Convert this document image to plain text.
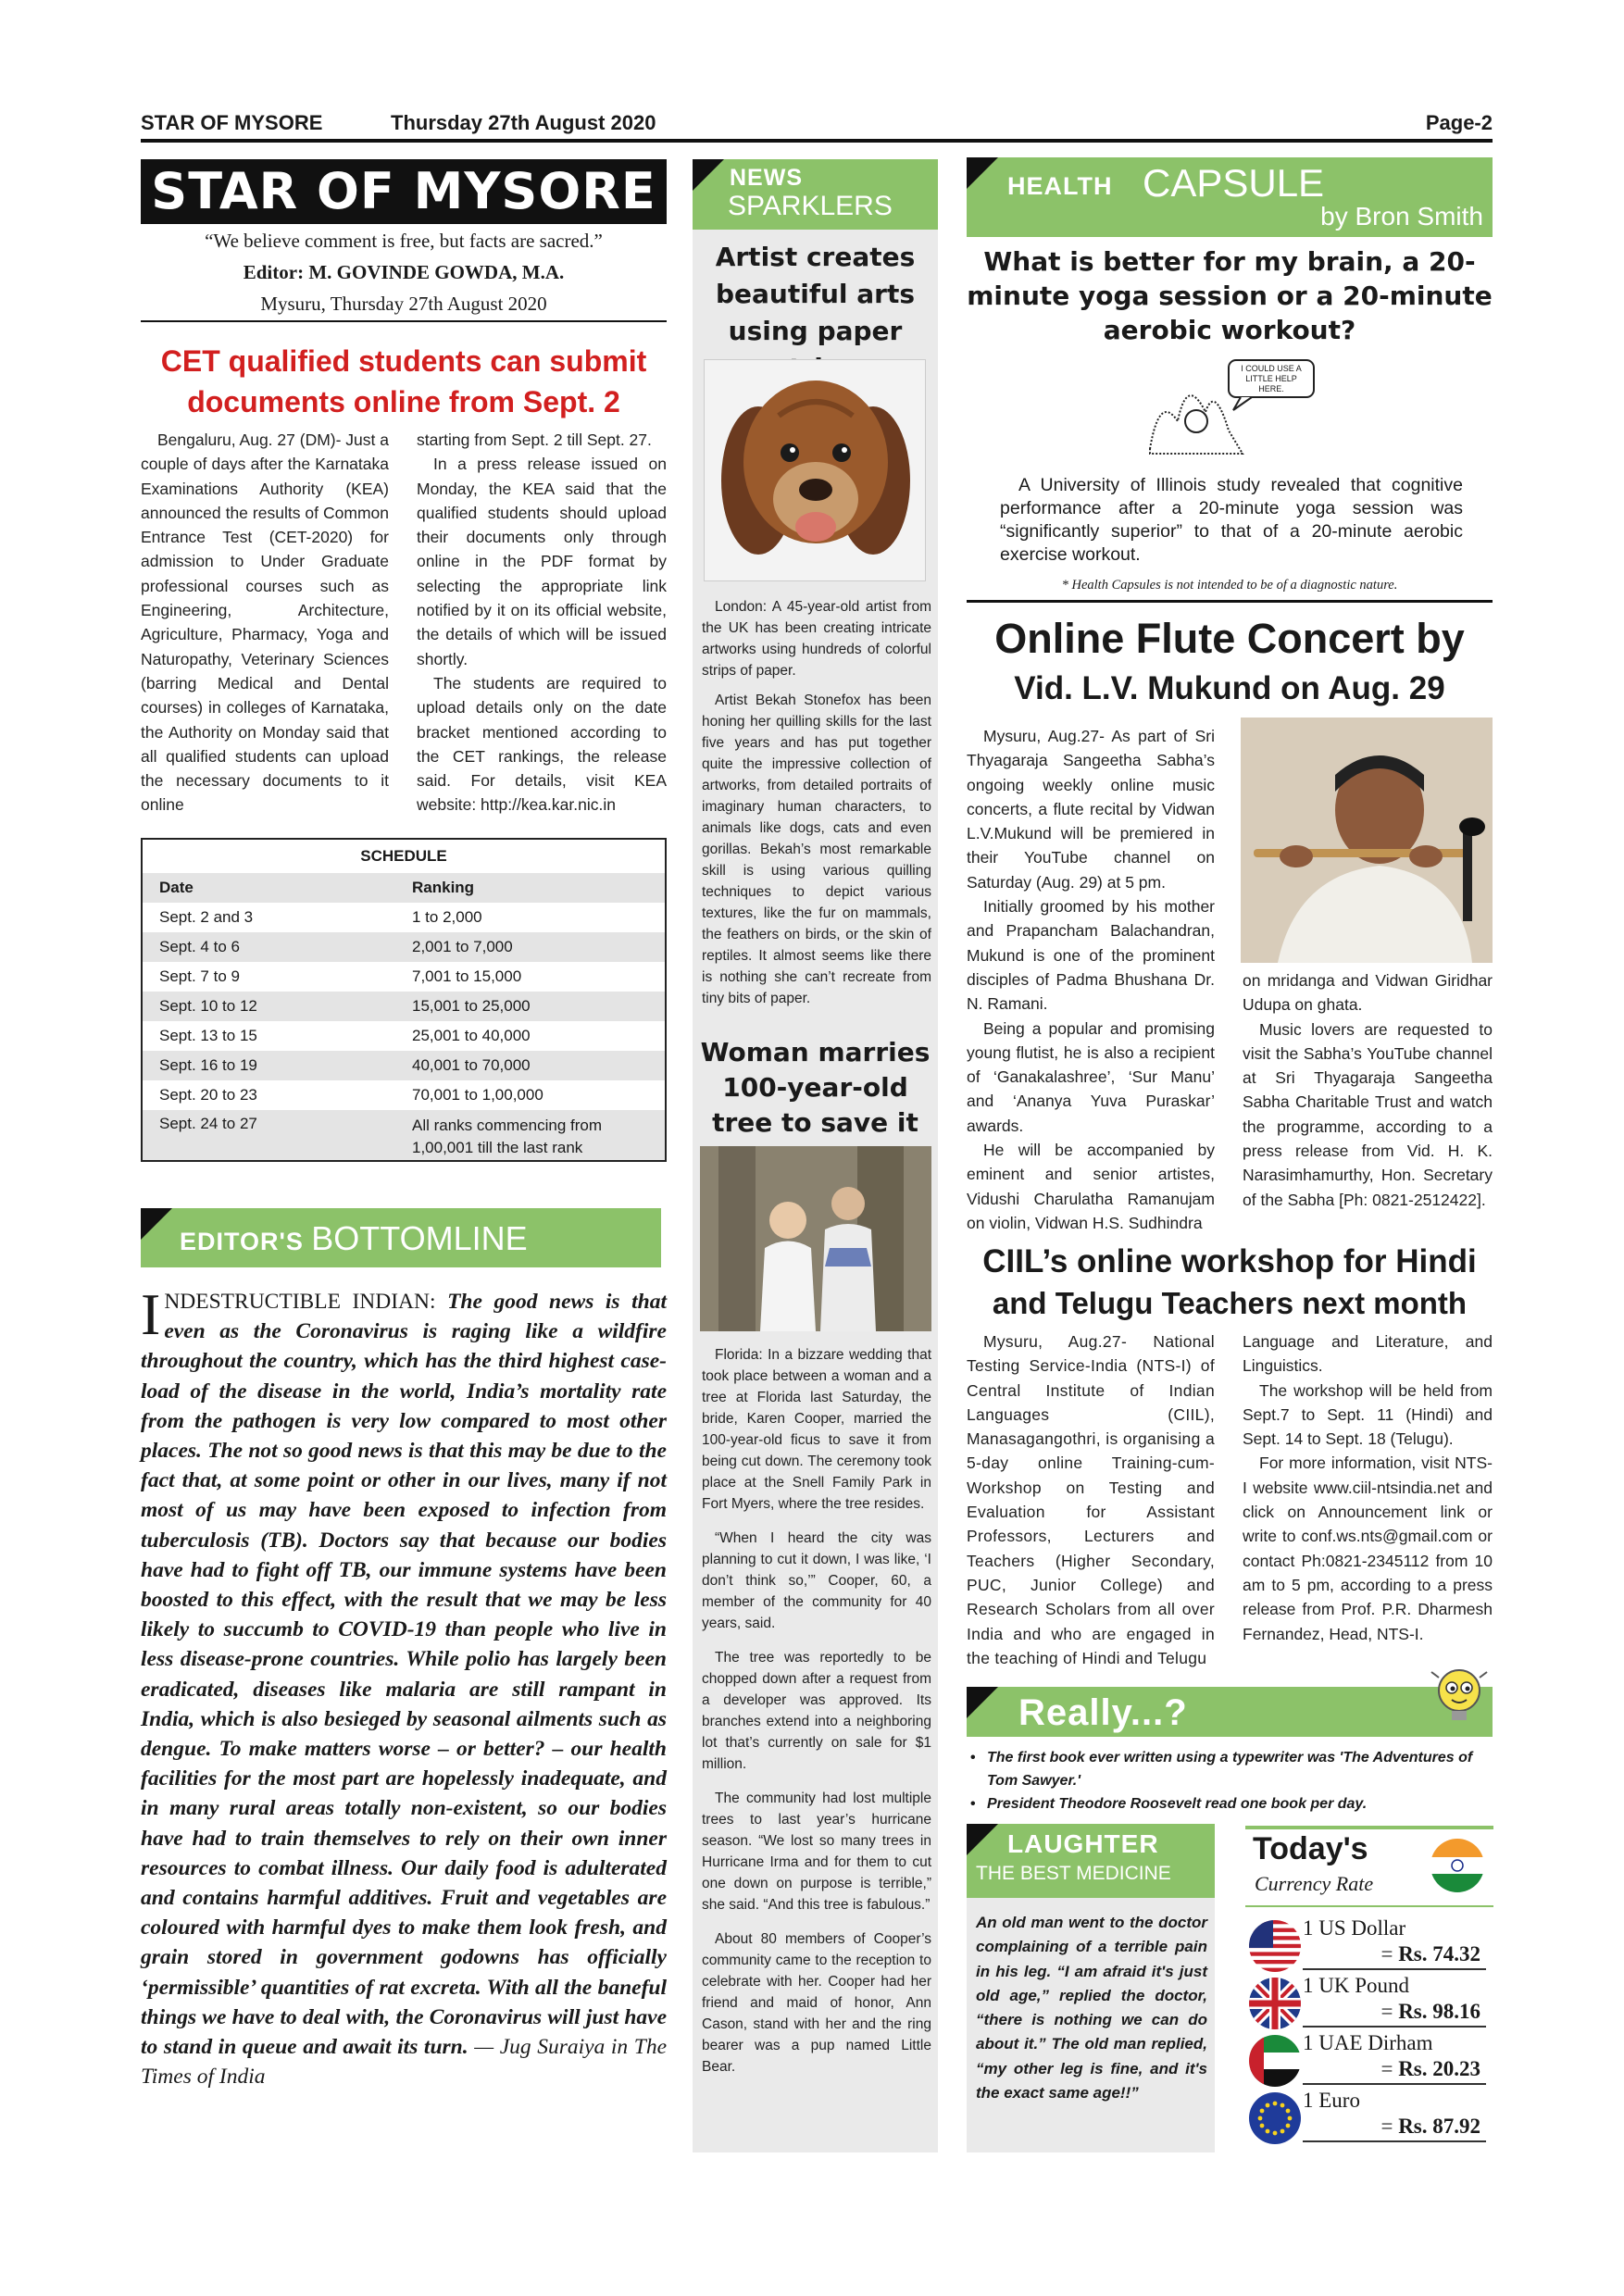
STAR OF MYSORE	Thursday 27th August 2020	Page-2
STAR OF MYSORE
“We believe comment is free, but facts are sacred.”
Editor: M. GOVINDE GOWDA, M.A.
Mysuru, Thursday 27th August 2020
CET qualified students can submit documents online from Sept. 2

Bengaluru, Aug. 27 (DM)- Just a couple of days after the Karnataka Examinations Authority (KEA) announced the results of Common Entrance Test (CET-2020) for admission to Under Graduate professional courses such as Engineering, Architecture, Agriculture, Pharmacy, Yoga and Naturopathy, Veterinary Sciences (barring Medical and Dental courses) in colleges of Karnataka, the Authority on Monday said that all qualified students can upload the necessary documents to it online

starting from Sept. 2 till Sept. 27.

In a press release issued on Monday, the KEA said that the qualified students should upload their documents only through online in the PDF format by selecting the appropriate link notified by it on its official website, the details of which will be issued shortly.

The students are required to upload details only on the date bracket mentioned according to the CET rankings, the release said. For details, visit KEA website: http://kea.kar.nic.in

SCHEDULE
Date	Ranking
Sept. 2 and 3	1 to 2,000
Sept. 4 to 6	2,001 to 7,000
Sept. 7 to 9	7,001 to 15,000
Sept. 10 to 12	15,001 to 25,000
Sept. 13 to 15	25,001 to 40,000
Sept. 16 to 19	40,001 to 70,000
Sept. 20 to 23	70,001 to 1,00,000
Sept. 24 to 27	All ranks commencing from
1,00,001 till the last rank
EDITOR'S BOTTOMLINE
INDESTRUCTIBLE INDIAN: The good news is that even as the Coronavirus is raging like a wildfire throughout the country, which has the third highest case-load of the disease in the world, India’s mortality rate from the pathogen is very low compared to most other places. The not so good news is that this may be due to the fact that, at some point or other in our lives, many if not most of us may have been exposed to infection from tuberculosis (TB). Doctors say that because our bodies have had to fight off TB, our immune systems have been boosted to this effect, with the result that we may be less likely to succumb to COVID-19 than people who live in less disease-prone countries. While polio has largely been eradicated, diseases like malaria are still rampant in India, which is also besieged by seasonal ailments such as dengue. To make matters worse – or better? – our health facilities for the most part are hopelessly inadequate, and in many rural areas totally non-existent, so our bodies have had to train themselves to rely on their own inner resources to combat illness. Our daily food is adulterated and contains harmful additives. Fruit and vegetables are coloured with harmful dyes to make them look fresh, and grain stored in government godowns has officially ‘permissible’ quantities of rat excreta. With all the baneful things we have to deal with, the Coronavirus will just have to stand in queue and await its turn. — Jug Suraiya in The Times of India
NEWS
SPARKLERS
Artist creates beautiful arts using paper

London: A 45-year-old artist from the UK has been creating intricate artworks using hundreds of colorful strips of paper.

Artist Bekah Stonefox has been honing her quilling skills for the last five years and has put together quite the impressive collection of artworks, from detailed portraits of imaginary human characters, to animals like dogs, cats and even gorillas. Bekah’s most remarkable skill is using various quilling techniques to depict various textures, like the fur on mammals, the feathers on birds, or the skin of reptiles. It almost seems like there is nothing she can’t recreate from tiny bits of paper.

Woman marries 100-year-old tree to save it

Florida: In a bizzare wedding that took place between a woman and a tree at Florida last Saturday, the bride, Karen Cooper, married the 100-year-old ficus to save it from being cut down. The ceremony took place at the Snell Family Park in Fort Myers, where the tree resides.

“When I heard the city was planning to cut it down, I was like, ‘I don’t think so,’” Cooper, 60, a member of the community for 40 years, said.

The tree was reportedly to be chopped down after a request from a developer was approved. Its branches extend into a neighboring lot that’s currently on sale for $1 million.

The community had lost multiple trees to last year’s hurricane season. “We lost so many trees in Hurricane Irma and for them to cut one down on purpose is terrible,” she said. “And this tree is fabulous.”

About 80 members of Cooper’s community came to the reception to celebrate with her. Cooper had her friend and maid of honor, Ann Cason, stand with her and the ring bearer was a pup named Little Bear.

HEALTH CAPSULE
by Bron Smith
What is better for my brain, a 20-minute yoga session or a 20-minute aerobic workout?
I COULD USE A LITTLE HELP HERE.
A University of Illinois study revealed that cognitive performance after a 20-minute yoga session was “significantly superior” to that of a 20-minute aerobic exercise workout.
* Health Capsules is not intended to be of a diagnostic nature.
Online Flute Concert by
Vid. L.V. Mukund on Aug. 29

Mysuru, Aug.27- As part of Sri Thyagaraja Sangeetha Sabha’s ongoing weekly online music concerts, a flute recital by Vidwan L.V.Mukund will be premiered in their YouTube channel on Saturday (Aug. 29) at 5 pm.

Initially groomed by his mother and Prapancham Balachandran, Mukund is one of the prominent disciples of Padma Bhushana Dr. N. Ramani.

Being a popular and promising young flutist, he is also a recipient of ‘Ganakalashree’, ‘Sur Manu’ and ‘Ananya Yuva Puraskar’ awards.

He will be accompanied by eminent and senior artistes, Vidushi Charulatha Ramanujam on violin, Vidwan H.S. Sudhindra

on mridanga and Vidwan Giridhar Udupa on ghata.

Music lovers are requested to visit the Sabha’s YouTube channel at Sri Thyagaraja Sangeetha Sabha Charitable Trust and watch the programme, according to a press release from Vid. H. K. Narasimhamurthy, Hon. Secretary of the Sabha [Ph: 0821-2512422].

CIIL’s online workshop for Hindi
and Telugu Teachers next month

Mysuru, Aug.27- National Testing Service-India (NTS-I) of Central Institute of Indian Languages (CIIL), Manasagangothri, is organising a 5-day online Training-cum-Workshop on Testing and Evaluation for Assistant Professors, Lecturers and Teachers (Higher Secondary, PUC, Junior College) and Research Scholars from all over India and who are engaged in the teaching of Hindi and Telugu

Language and Literature, and Linguistics.

The workshop will be held from Sept.7 to Sept. 11 (Hindi) and Sept. 14 to Sept. 18 (Telugu).

For more information, visit NTS-I website www.ciil-ntsindia.net and click on Announcement link or write to conf.ws.nts@gmail.com or contact Ph:0821-2345112 from 10 am to 5 pm, according to a press release from Prof. P.R. Dharmesh Fernandez, Head, NTS-I.

Really...?
• The first book ever written using a typewriter was 'The Adventures of Tom Sawyer.'
• President Theodore Roosevelt read one book per day.
LAUGHTER
THE BEST MEDICINE
An old man went to the doctor complaining of a terrible pain in his leg. “I am afraid it's just old age,” replied the doctor, “there is nothing we can do about it.” The old man replied, “my other leg is fine, and it's the exact same age!!”
Today's
Currency Rate
1 US Dollar
= Rs. 74.32
1 UK Pound
= Rs. 98.16
1 UAE Dirham
= Rs. 20.23
1 Euro
= Rs. 87.92
